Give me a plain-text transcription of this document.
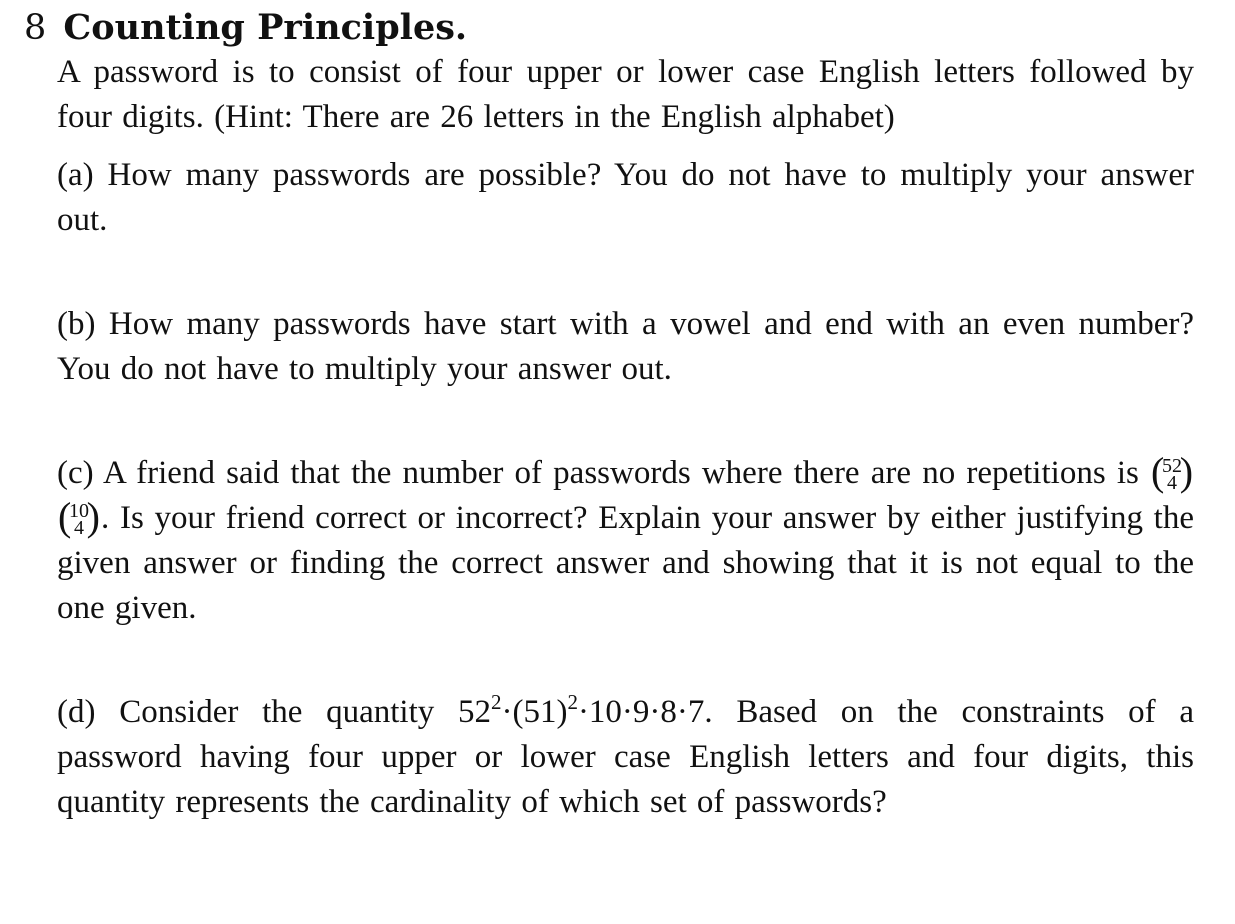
8 Counting Principles.

A password is to consist of four upper or lower case English letters followed by four digits. (Hint: There are 26 letters in the English alphabet)

(a) How many passwords are possible? You do not have to multiply your answer out.

(b) How many passwords have start with a vowel and end with an even number? You do not have to multiply your answer out.

(c) A friend said that the number of passwords where there are no repetitions is
( 52
4
)
( 10
4
) . Is your friend correct or incorrect? Explain your answer by either justifying the given answer or finding the correct answer and showing that it is not equal to the one given.

(d) Consider the quantity $52^2\cdot(51)^2\cdot 10\cdot 9\cdot 8\cdot 7$. Based on the constraints of a password having four upper or lower case English letters and four digits, this quantity represents the cardinality of which set of passwords?
